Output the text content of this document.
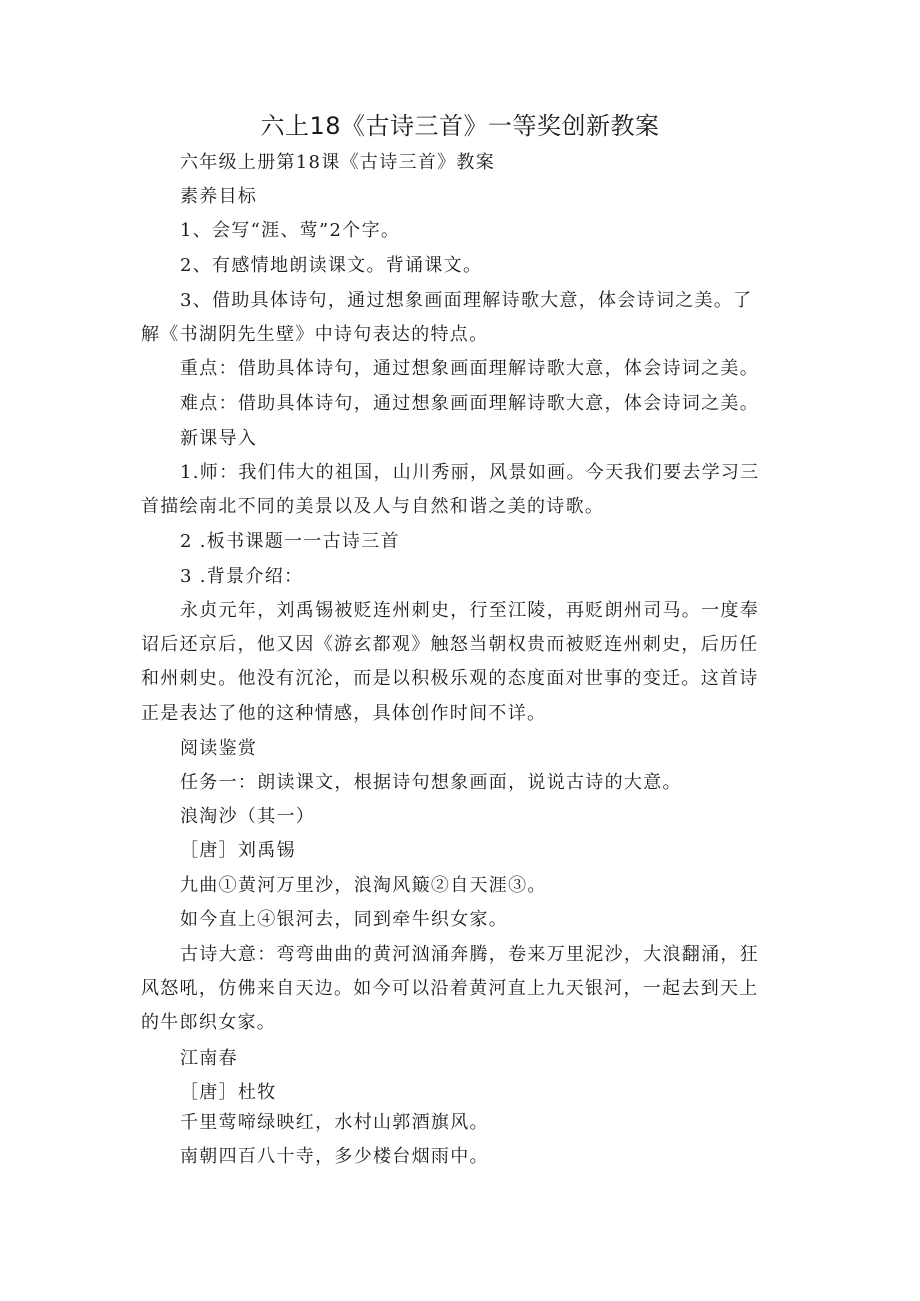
六上18《古诗三首》一等奖创新教案
六年级上册第18课《古诗三首》教案
素养目标
1、会写“涯、莺”2个字。
2、有感情地朗读课文。背诵课文。
3、借助具体诗句，通过想象画面理解诗歌大意，体会诗词之美。了
解《书湖阴先生壁》中诗句表达的特点。
重点：借助具体诗句，通过想象画面理解诗歌大意，体会诗词之美。
难点：借助具体诗句，通过想象画面理解诗歌大意，体会诗词之美。
新课导入
1.师：我们伟大的祖国，山川秀丽，风景如画。今天我们要去学习三
首描绘南北不同的美景以及人与自然和谐之美的诗歌。
2 .板书课题一一古诗三首
3 .背景介绍：
永贞元年，刘禹锡被贬连州刺史，行至江陵，再贬朗州司马。一度奉
诏后还京后，他又因《游玄都观》触怒当朝权贵而被贬连州刺史，后历任
和州刺史。他没有沉沦，而是以积极乐观的态度面对世事的变迁。这首诗
正是表达了他的这种情感，具体创作时间不详。
阅读鉴赏
任务一：朗读课文，根据诗句想象画面，说说古诗的大意。
浪淘沙（其一）
［唐］刘禹锡
九曲①黄河万里沙，浪淘风簸②自天涯③。
如今直上④银河去，同到牵牛织女家。
古诗大意：弯弯曲曲的黄河汹涌奔腾，卷来万里泥沙，大浪翻涌，狂
风怒吼，仿佛来自天边。如今可以沿着黄河直上九天银河，一起去到天上
的牛郎织女家。
江南春
［唐］杜牧
千里莺啼绿映红，水村山郭酒旗风。
南朝四百八十寺，多少楼台烟雨中。
